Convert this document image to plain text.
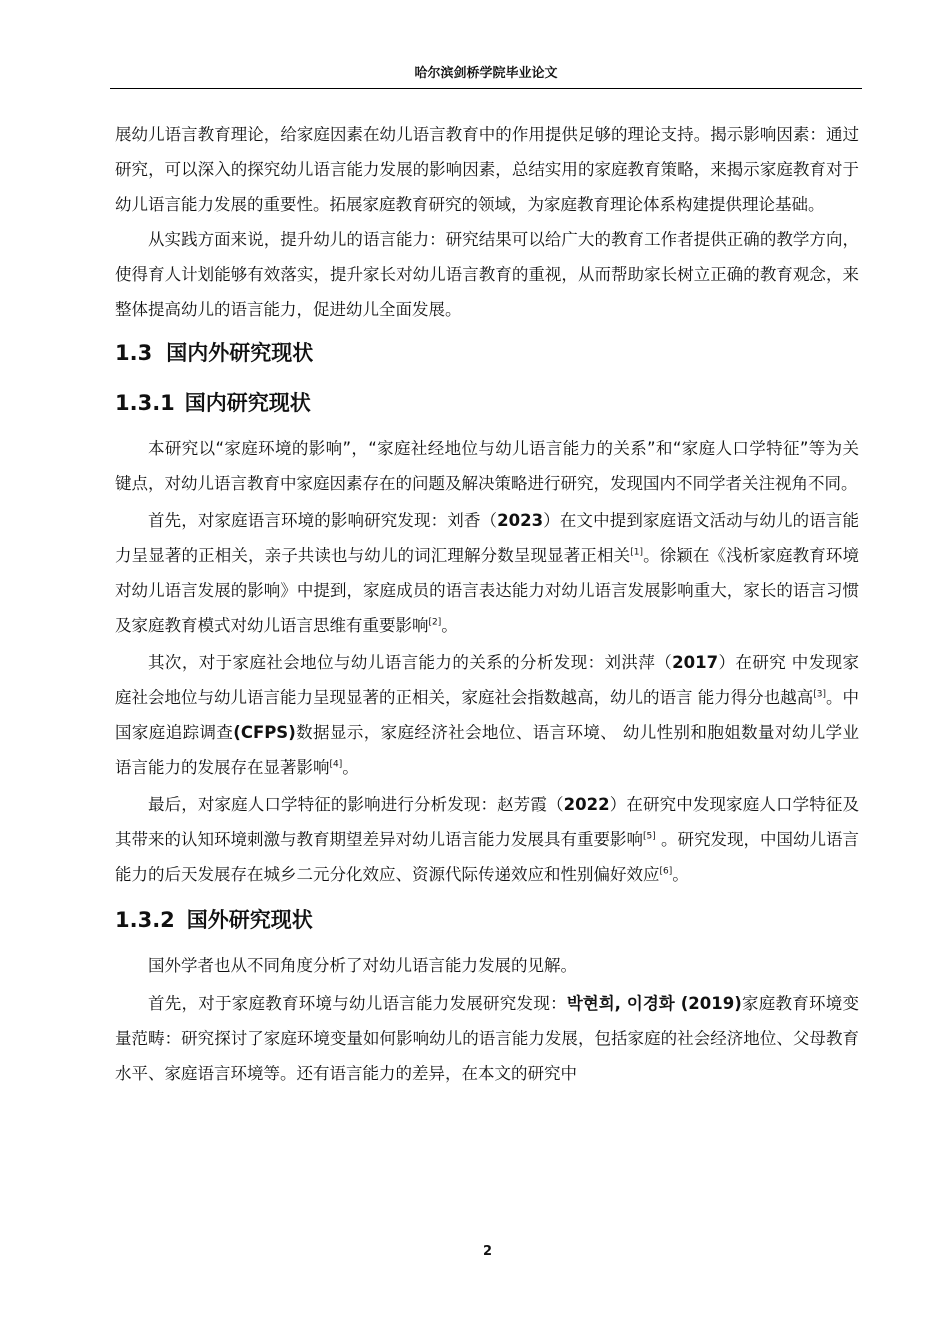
哈尔滨剑桥学院毕业论文

展幼儿语言教育理论，给家庭因素在幼儿语言教育中的作用提供足够的理论支持。揭示影响因素：通过研究，可以深入的探究幼儿语言能力发展的影响因素，总结实用的家庭教育策略，来揭示家庭教育对于幼儿语言能力发展的重要性。拓展家庭教育研究的领域，为家庭教育理论体系构建提供理论基础。

从实践方面来说，提升幼儿的语言能力：研究结果可以给广大的教育工作者提供正确的教学方向，使得育人计划能够有效落实，提升家长对幼儿语言教育的重视，从而帮助家长树立正确的教育观念，来整体提高幼儿的语言能力，促进幼儿全面发展。

1.3 国内外研究现状
1.3.1 国内研究现状

本研究以“家庭环境的影响”，“家庭社经地位与幼儿语言能力的关系”和“家庭人口学特征”等为关键点，对幼儿语言教育中家庭因素存在的问题及解决策略进行研究，发现国内不同学者关注视角不同。

首先，对家庭语言环境的影响研究发现：刘香（2023）在文中提到家庭语文活动与幼儿的语言能力呈显著的正相关，亲子共读也与幼儿的词汇理解分数呈现显著正相关[1]。徐颖在《浅析家庭教育环境对幼儿语言发展的影响》中提到，家庭成员的语言表达能力对幼儿语言发展影响重大，家长的语言习惯及家庭教育模式对幼儿语言思维有重要影响[2]。

其次，对于家庭社会地位与幼儿语言能力的关系的分析发现：刘洪萍（2017）在研究 中发现家庭社会地位与幼儿语言能力呈现显著的正相关，家庭社会指数越高，幼儿的语言 能力得分也越高[3]。中国家庭追踪调查(CFPS)数据显示，家庭经济社会地位、语言环境、 幼儿性别和胞姐数量对幼儿学业语言能力的发展存在显著影响[4]。

最后，对家庭人口学特征的影响进行分析发现：赵芳霞（2022）在研究中发现家庭人口学特征及其带来的认知环境刺激与教育期望差异对幼儿语言能力发展具有重要影响[5] 。研究发现，中国幼儿语言能力的后天发展存在城乡二元分化效应、资源代际传递效应和性别偏好效应[6]。

1.3.2 国外研究现状

国外学者也从不同角度分析了对幼儿语言能力发展的见解。

首先，对于家庭教育环境与幼儿语言能力发展研究发现：박현희, 이경화 (2019)家庭教育环境变量范畴：研究探讨了家庭环境变量如何影响幼儿的语言能力发展，包括家庭的社会经济地位、父母教育水平、家庭语言环境等。还有语言能力的差异，在本文的研究中

2
